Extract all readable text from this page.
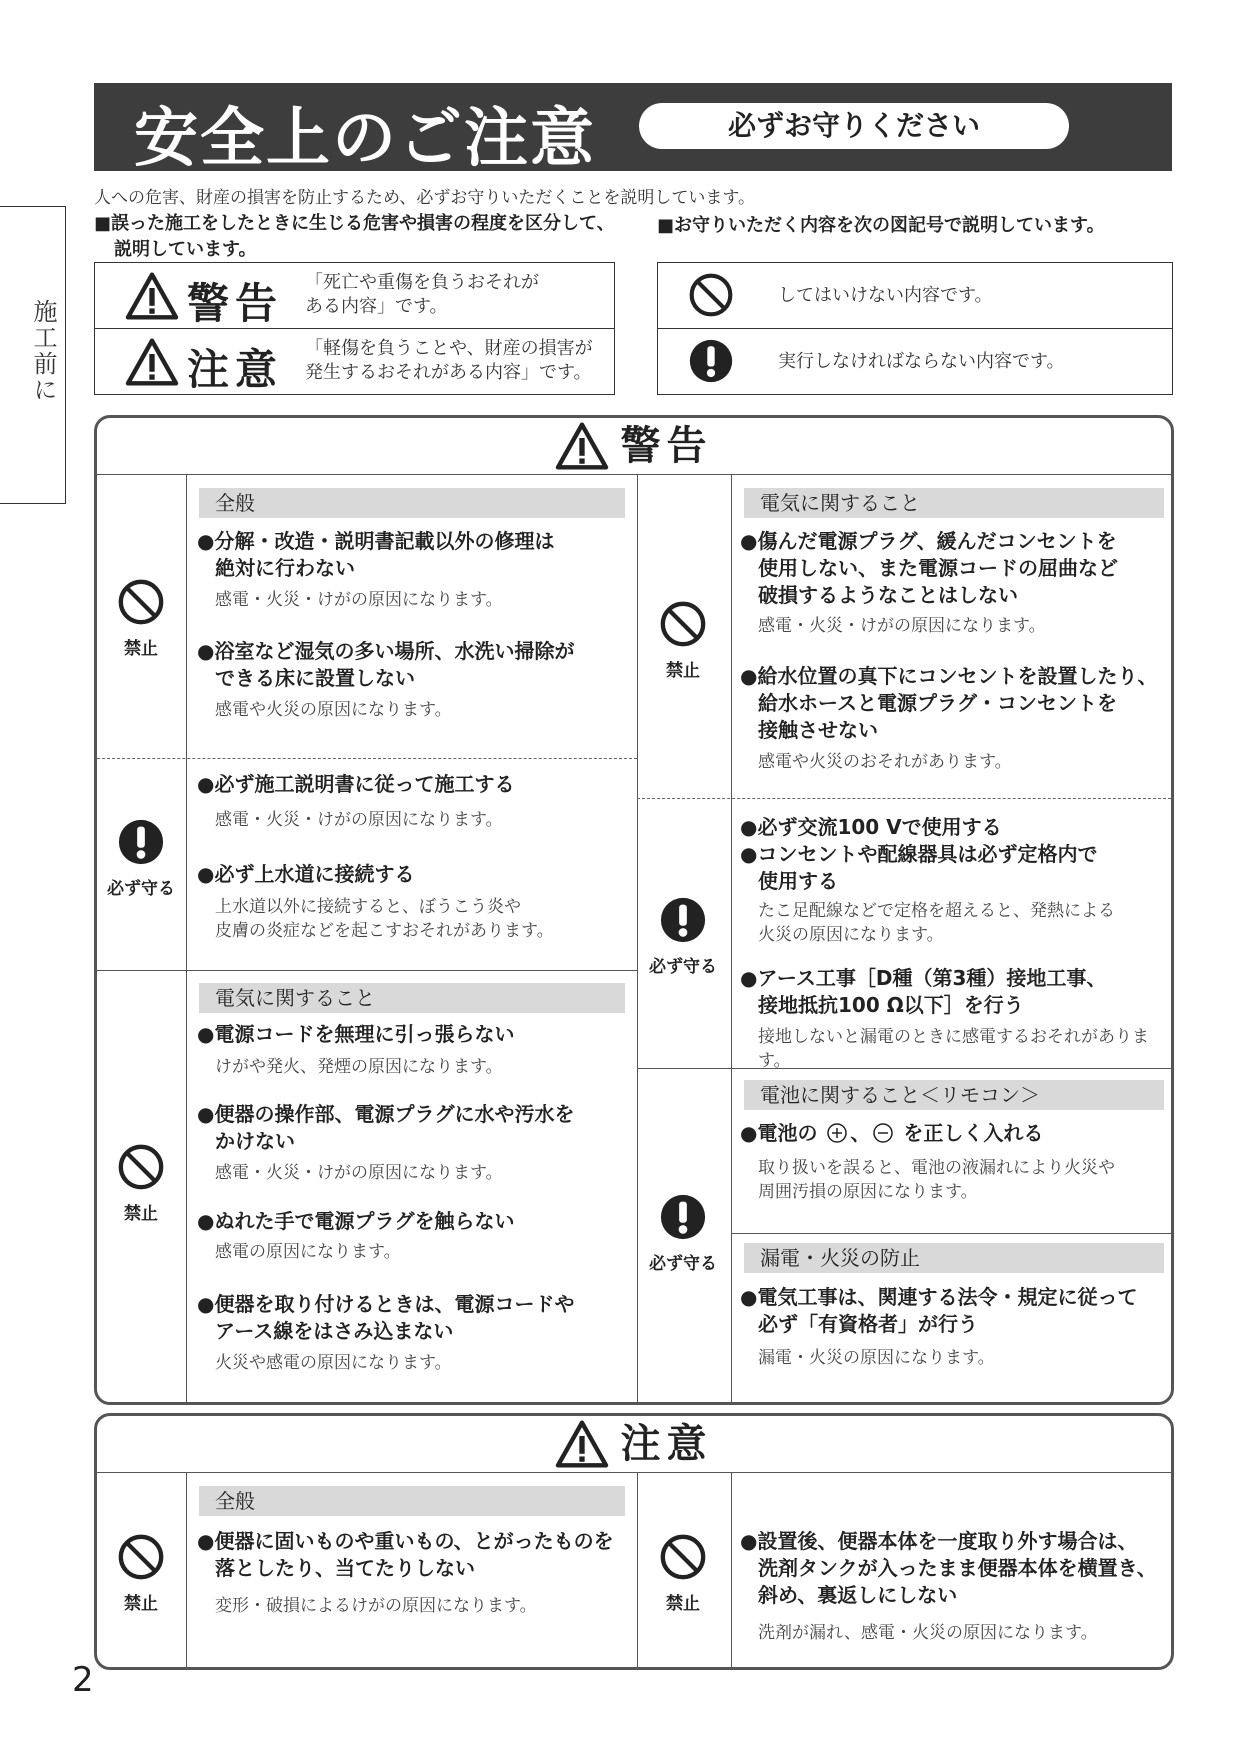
施工前に
安全上のご注意	必ずお守りください
人への危害、財産の損害を防止するため、必ずお守りいただくことを説明しています。
■誤った施工をしたときに生じる危害や損害の程度を区分して、
説明しています。
■お守りいただく内容を次の図記号で説明しています。
警告 「死亡や重傷を負うおそれが
ある内容」です。
注意 「軽傷を負うことや、財産の損害が
発生するおそれがある内容」です。
してはいけない内容です。
実行しなければならない内容です。
警告
禁止
全般
●分解・改造・説明書記載以外の修理は
絶対に行わない
感電・火災・けがの原因になります。
●浴室など湿気の多い場所、水洗い掃除が
できる床に設置しない
感電や火災の原因になります。
必ず守る
●必ず施工説明書に従って施工する
感電・火災・けがの原因になります。
●必ず上水道に接続する
上水道以外に接続すると、ぼうこう炎や
皮膚の炎症などを起こすおそれがあります。
禁止
電気に関すること
●電源コードを無理に引っ張らない
けがや発火、発煙の原因になります。
●便器の操作部、電源プラグに水や汚水を
かけない
感電・火災・けがの原因になります。
●ぬれた手で電源プラグを触らない
感電の原因になります。
●便器を取り付けるときは、電源コードや
アース線をはさみ込まない
火災や感電の原因になります。
禁止
電気に関すること
●傷んだ電源プラグ、緩んだコンセントを
使用しない、また電源コードの屈曲など
破損するようなことはしない
感電・火災・けがの原因になります。
●給水位置の真下にコンセントを設置したり、
給水ホースと電源プラグ・コンセントを
接触させない
感電や火災のおそれがあります。
必ず守る
●必ず交流100 Vで使用する
●コンセントや配線器具は必ず定格内で
使用する
たこ足配線などで定格を超えると、発熱による
火災の原因になります。
●アース工事［D種（第3種）接地工事、
接地抵抗100 Ω以下］を行う
接地しないと漏電のときに感電するおそれがあります。
必ず守る
電池に関すること＜リモコン＞
●電池の 、 を正しく入れる
取り扱いを誤ると、電池の液漏れにより火災や
周囲汚損の原因になります。
漏電・火災の防止
●電気工事は、関連する法令・規定に従って
必ず「有資格者」が行う
漏電・火災の原因になります。
注意
禁止
全般
●便器に固いものや重いもの、とがったものを
落としたり、当てたりしない
変形・破損によるけがの原因になります。	禁止
●設置後、便器本体を一度取り外す場合は、
洗剤タンクが入ったまま便器本体を横置き、
斜め、裏返しにしない
洗剤が漏れ、感電・火災の原因になります。
2
